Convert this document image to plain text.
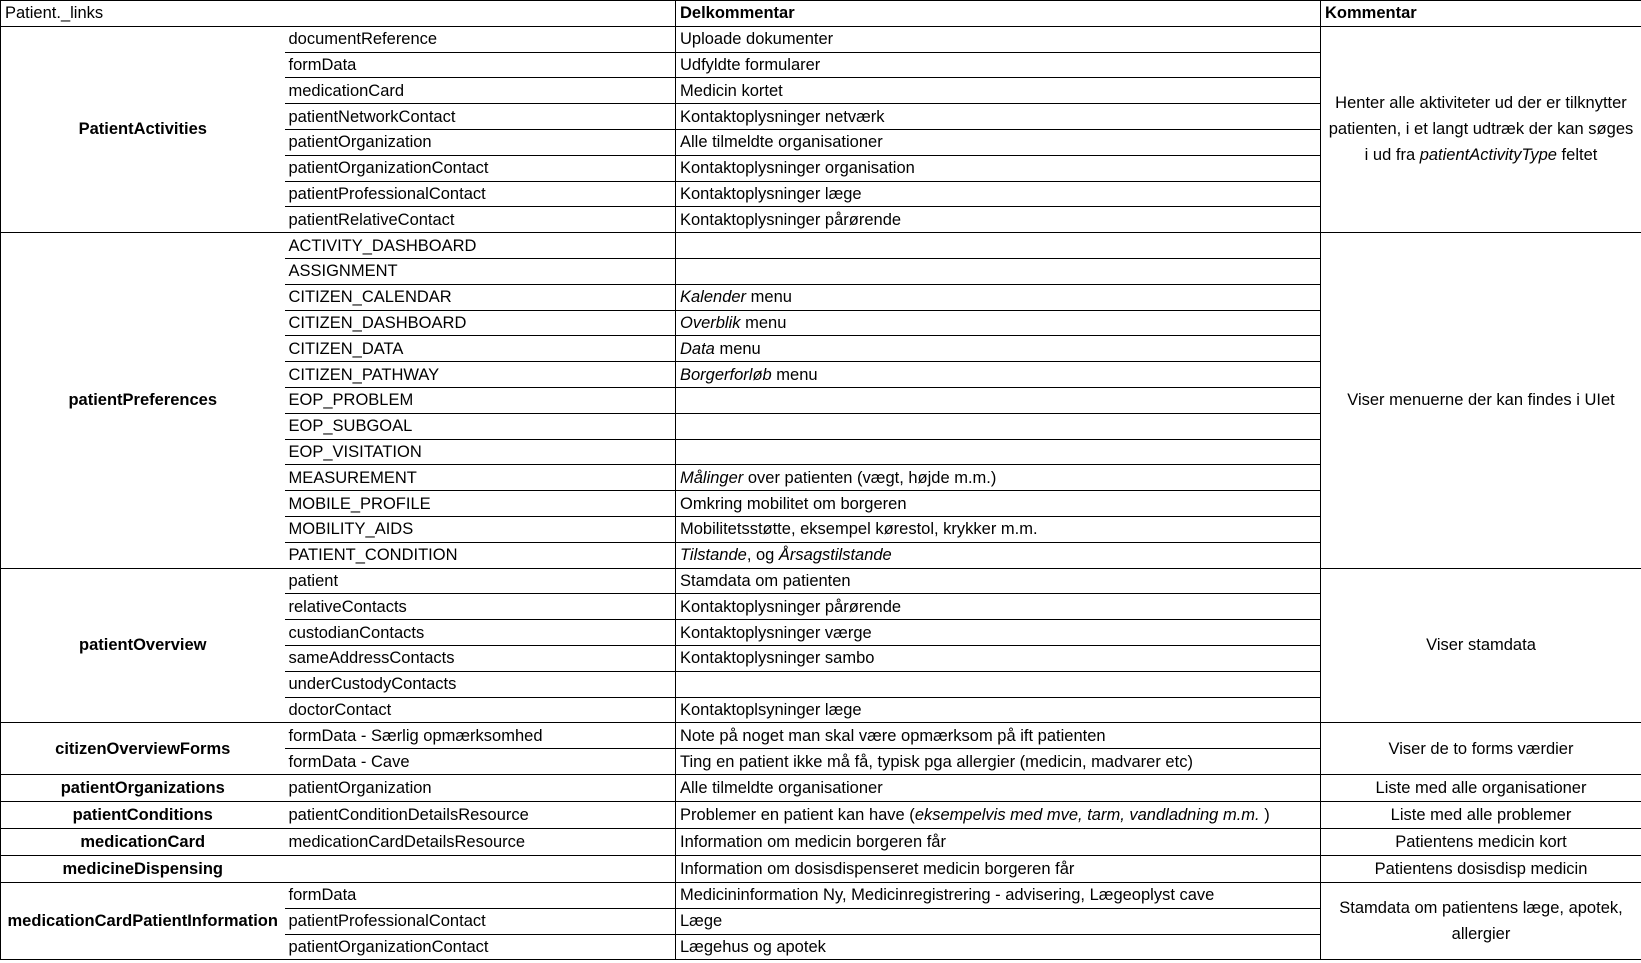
Patient._links		Delkommentar	Kommentar
PatientActivities	documentReference	Uploade dokumenter	Henter alle aktiviteter ud der er tilknytter patienten, i et langt udtræk der kan søges i ud fra patientActivityType feltet
	formData	Udfyldte formularer	
	medicationCard	Medicin kortet	
	patientNetworkContact	Kontaktoplysninger netværk	
	patientOrganization	Alle tilmeldte organisationer	
	patientOrganizationContact	Kontaktoplysninger organisation	
	patientProfessionalContact	Kontaktoplysninger læge	
	patientRelativeContact	Kontaktoplysninger pårørende	
patientPreferences	ACTIVITY_DASHBOARD		Viser menuerne der kan findes i UIet
	ASSIGNMENT		
	CITIZEN_CALENDAR	Kalender menu	
	CITIZEN_DASHBOARD	Overblik menu	
	CITIZEN_DATA	Data menu	
	CITIZEN_PATHWAY	Borgerforløb menu	
	EOP_PROBLEM		
	EOP_SUBGOAL		
	EOP_VISITATION		
	MEASUREMENT	Målinger over patienten (vægt, højde m.m.)	
	MOBILE_PROFILE	Omkring mobilitet om borgeren	
	MOBILITY_AIDS	Mobilitetsstøtte, eksempel kørestol, krykker m.m.	
	PATIENT_CONDITION	Tilstande, og Årsagstilstande	
patientOverview	patient	Stamdata om patienten	Viser stamdata
	relativeContacts	Kontaktoplysninger pårørende	
	custodianContacts	Kontaktoplysninger værge	
	sameAddressContacts	Kontaktoplysninger sambo	
	underCustodyContacts		
	doctorContact	Kontaktoplsyninger læge	
citizenOverviewForms	formData - Særlig opmærksomhed	Note på noget man skal være opmærksom på ift patienten	Viser de to forms værdier
	formData - Cave	Ting en patient ikke må få, typisk pga allergier (medicin, madvarer etc)	
patientOrganizations	patientOrganization	Alle tilmeldte organisationer	Liste med alle organisationer
patientConditions	patientConditionDetailsResource	Problemer en patient kan have (eksempelvis med mve, tarm, vandladning m.m. )	Liste med alle problemer
medicationCard	medicationCardDetailsResource	Information om medicin borgeren får	Patientens medicin kort
medicineDispensing		Information om dosisdispenseret medicin borgeren får	Patientens dosisdisp medicin
medicationCardPatientInformation	formData	Medicininformation Ny, Medicinregistrering - advisering, Lægeoplyst cave	Stamdata om patientens læge, apotek, allergier
	patientProfessionalContact	Læge	
	patientOrganizationContact	Lægehus og apotek	
